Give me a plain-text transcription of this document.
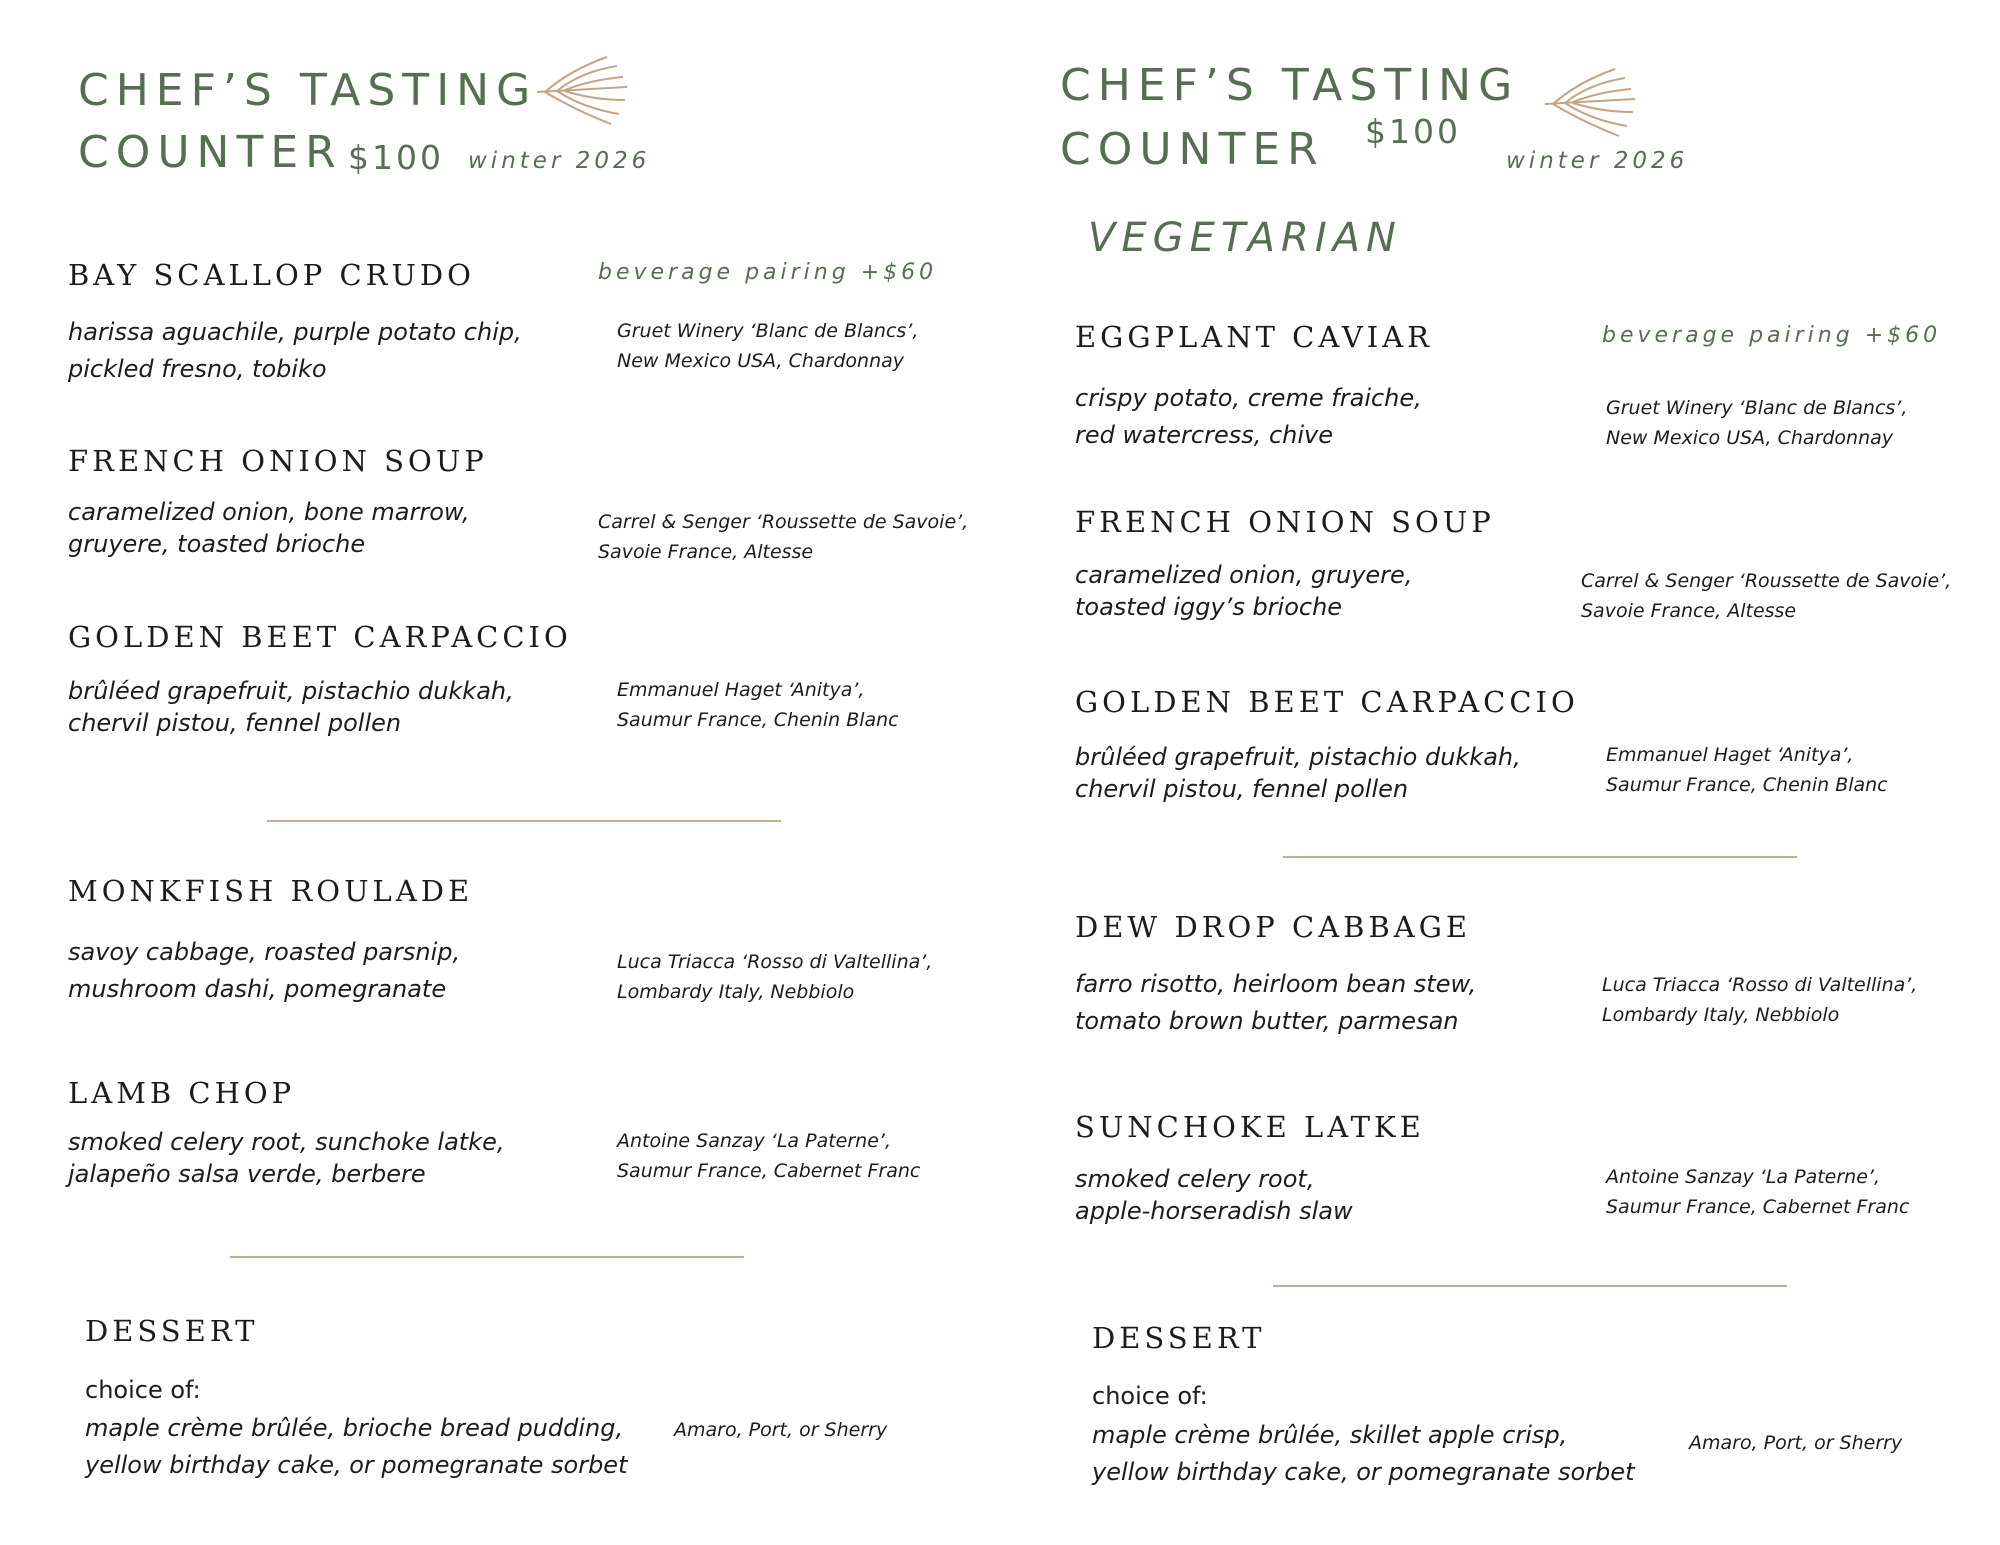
CHEF’S TASTING
COUNTER $100 winter 2026
beverage pairing +$60
BAY SCALLOP CRUDO
harissa aguachile, purple potato chip,
pickled fresno, tobiko
Gruet Winery ‘Blanc de Blancs’,
New Mexico USA, Chardonnay
FRENCH ONION SOUP
caramelized onion, bone marrow,
gruyere, toasted brioche
Carrel & Senger ‘Roussette de Savoie’,
Savoie France, Altesse
GOLDEN BEET CARPACCIO
brûléed grapefruit, pistachio dukkah,
chervil pistou, fennel pollen
Emmanuel Haget ‘Anitya’,
Saumur France, Chenin Blanc
MONKFISH ROULADE
savoy cabbage, roasted parsnip,
mushroom dashi, pomegranate
Luca Triacca ‘Rosso di Valtellina’,
Lombardy Italy, Nebbiolo
LAMB CHOP
smoked celery root, sunchoke latke,
jalapeño salsa verde, berbere
Antoine Sanzay ‘La Paterne’,
Saumur France, Cabernet Franc
DESSERT
choice of:
maple crème brûlée, brioche bread pudding,
yellow birthday cake, or pomegranate sorbet
Amaro, Port, or Sherry
CHEF’S TASTING
$100
COUNTER	winter 2026
VEGETARIAN
beverage pairing +$60
EGGPLANT CAVIAR
crispy potato, creme fraiche,
red watercress, chive
Gruet Winery ‘Blanc de Blancs’,
New Mexico USA, Chardonnay
FRENCH ONION SOUP
caramelized onion, gruyere,
toasted iggy’s brioche
Carrel & Senger ‘Roussette de Savoie’,
Savoie France, Altesse
GOLDEN BEET CARPACCIO
brûléed grapefruit, pistachio dukkah,
chervil pistou, fennel pollen
Emmanuel Haget ‘Anitya’,
Saumur France, Chenin Blanc
DEW DROP CABBAGE
farro risotto, heirloom bean stew,
tomato brown butter, parmesan
Luca Triacca ‘Rosso di Valtellina’,
Lombardy Italy, Nebbiolo
SUNCHOKE LATKE
smoked celery root,
apple-horseradish slaw
Antoine Sanzay ‘La Paterne’,
Saumur France, Cabernet Franc
DESSERT
choice of:
maple crème brûlée, skillet apple crisp,
yellow birthday cake, or pomegranate sorbet
Amaro, Port, or Sherry
